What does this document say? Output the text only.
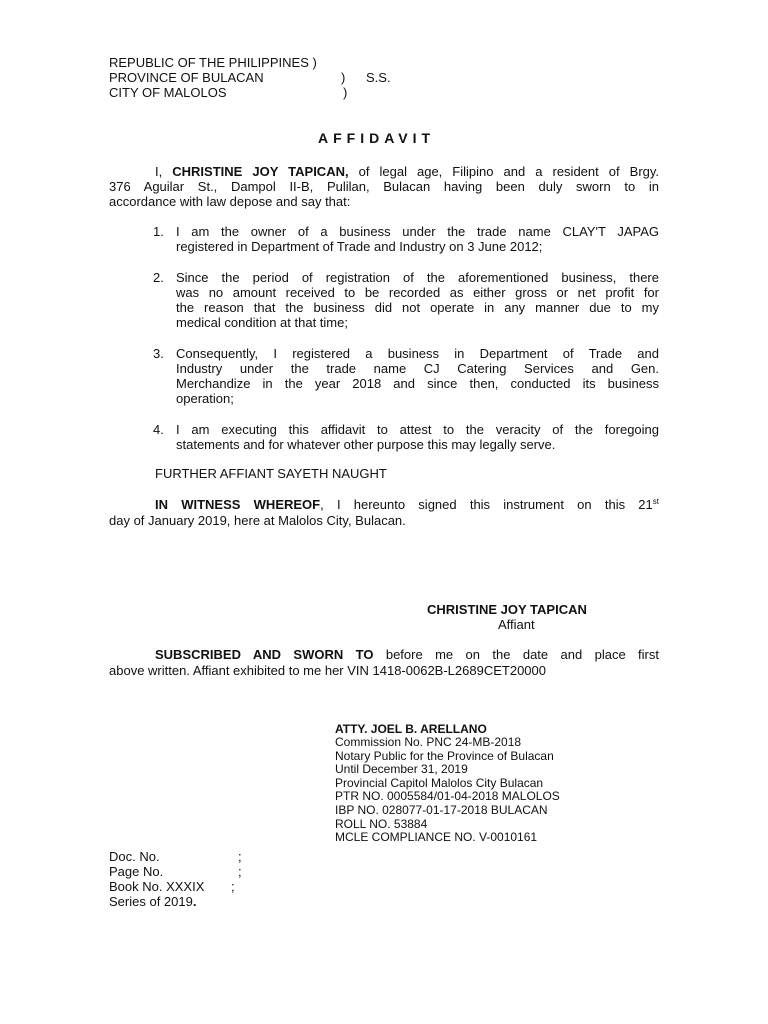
REPUBLIC OF THE PHILIPPINES )
PROVINCE OF BULACAN	) S.S.
CITY OF MALOLOS	)
AFFIDAVIT
I, CHRISTINE JOY TAPICAN, of legal age, Filipino and a resident of Brgy.
376 Aguilar St., Dampol II-B, Pulilan, Bulacan having been duly sworn to in
accordance with law depose and say that:
1. I am the owner of a business under the trade name CLAY'T JAPAG
registered in Department of Trade and Industry on 3 June 2012;
2. Since the period of registration of the aforementioned business, there
was no amount received to be recorded as either gross or net profit for
the reason that the business did not operate in any manner due to my
medical condition at that time;
3. Consequently, I registered a business in Department of Trade and
Industry under the trade name CJ Catering Services and Gen.
Merchandize in the year 2018 and since then, conducted its business
operation;
4. I am executing this affidavit to attest to the veracity of the foregoing
statements and for whatever other purpose this may legally serve.
FURTHER AFFIANT SAYETH NAUGHT
IN WITNESS WHEREOF, I hereunto signed this instrument on this 21st
day of January 2019, here at Malolos City, Bulacan.
CHRISTINE JOY TAPICAN
Affiant
SUBSCRIBED AND SWORN TO before me on the date and place first
above written. Affiant exhibited to me her VIN 1418-0062B-L2689CET20000
ATTY. JOEL B. ARELLANO
Commission No. PNC 24-MB-2018
Notary Public for the Province of Bulacan
Until December 31, 2019
Provincial Capitol Malolos City Bulacan
PTR NO. 0005584/01-04-2018 MALOLOS
IBP NO. 028077-01-17-2018 BULACAN
ROLL NO. 53884
MCLE COMPLIANCE NO. V-0010161
Doc. No.	;
Page No.	;
Book No. XXXIX ;
Series of 2019.
